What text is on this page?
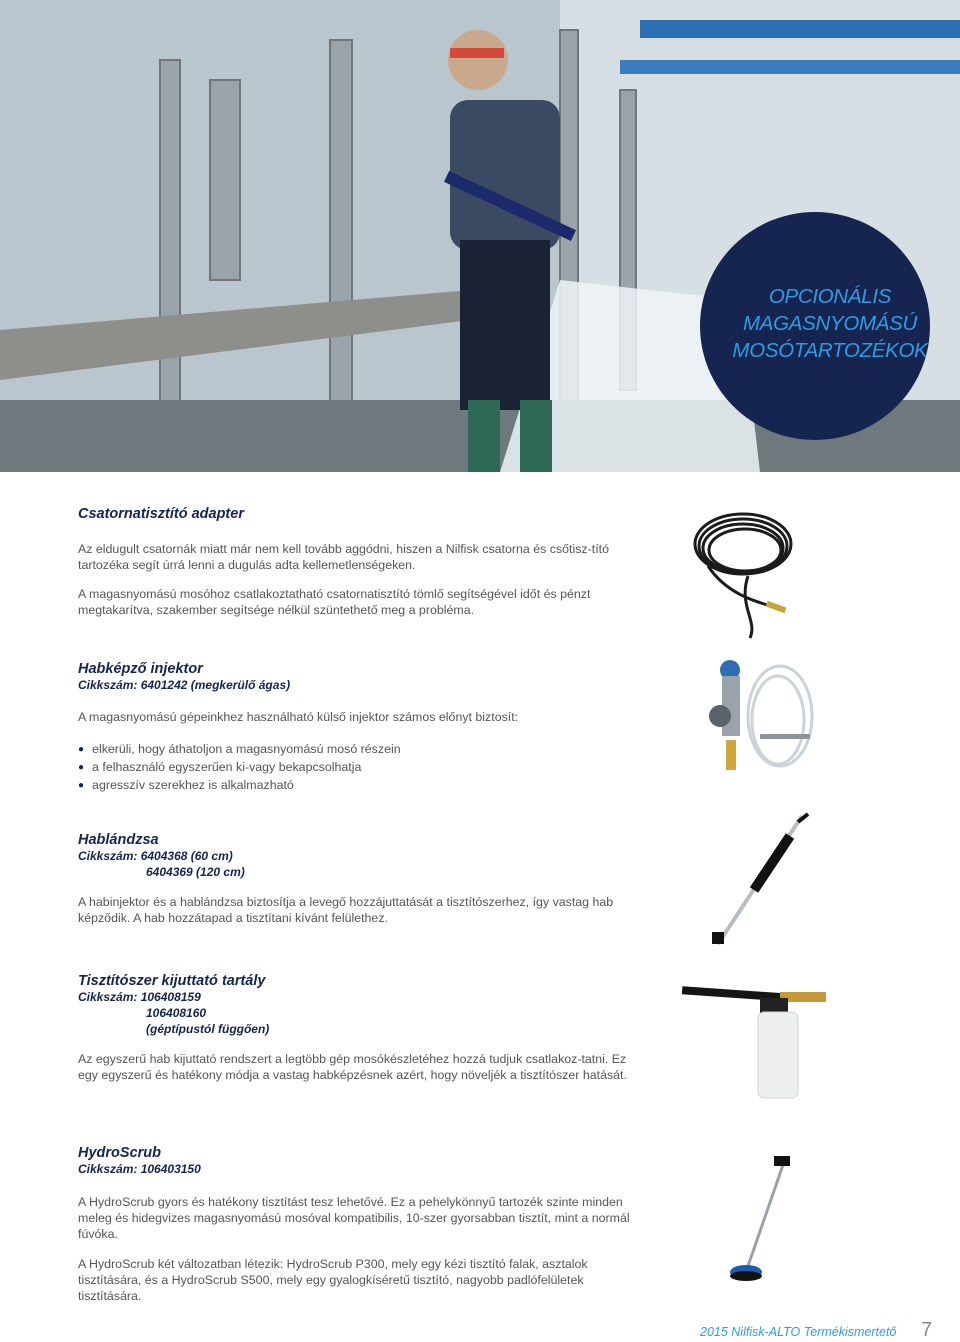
OPCIONÁLIS
MAGASNYOMÁSÚ
MOSÓTARTOZÉKOK
Csatornatisztító adapter

Az eldugult csatornák miatt már nem kell tovább aggódni, hiszen a Nilfisk csatorna és csőtisz-tító tartozéka segít úrrá lenni a dugulás adta kellemetlenségeken.

A magasnyomású mosóhoz csatlakoztatható csatornatisztító tömlő segítségével időt és pénzt megtakarítva, szakember segítsége nélkül szüntethető meg a probléma.

Habképző injektor

Cikkszám: 6401242 (megkerülő ágas)

A magasnyomású gépeinkhez használható külső injektor számos előnyt biztosít:

● elkerüli, hogy áthatoljon a magasnyomású mosó részein
● a felhasználó egyszerűen ki-vagy bekapcsolhatja
● agresszív szerekhez is alkalmazható
Hablándzsa

Cikkszám: 6404368 (60 cm)
6404369 (120 cm)

A habinjektor és a hablándzsa biztosítja a levegő hozzájuttatását a tisztítószerhez, így vastag hab képződik. A hab hozzátapad a tisztítani kívánt felülethez.

Tisztítószer kijuttató tartály

Cikkszám: 106408159
106408160
(géptípustól függően)

Az egyszerű hab kijuttató rendszert a legtöbb gép mosókészletéhez hozzá tudjuk csatlakoz-tatni. Ez egy egyszerű és hatékony módja a vastag habképzésnek azért, hogy növeljék a tisztítószer hatását.

HydroScrub

Cikkszám: 106403150

A HydroScrub gyors és hatékony tisztítást tesz lehetővé. Ez a pehelykönnyű tartozék szinte minden meleg és hidegvizes magasnyomású mosóval kompatibilis, 10-szer gyorsabban tisztít, mint a normál fúvóka.

A HydroScrub két változatban létezik: HydroScrub P300, mely egy kézi tisztító falak, asztalok tisztítására, és a HydroScrub S500, mely egy gyalogkíséretű tisztító, nagyobb padlófelületek tisztítására.

2015 Nilfisk-ALTO Termékismertető 7
